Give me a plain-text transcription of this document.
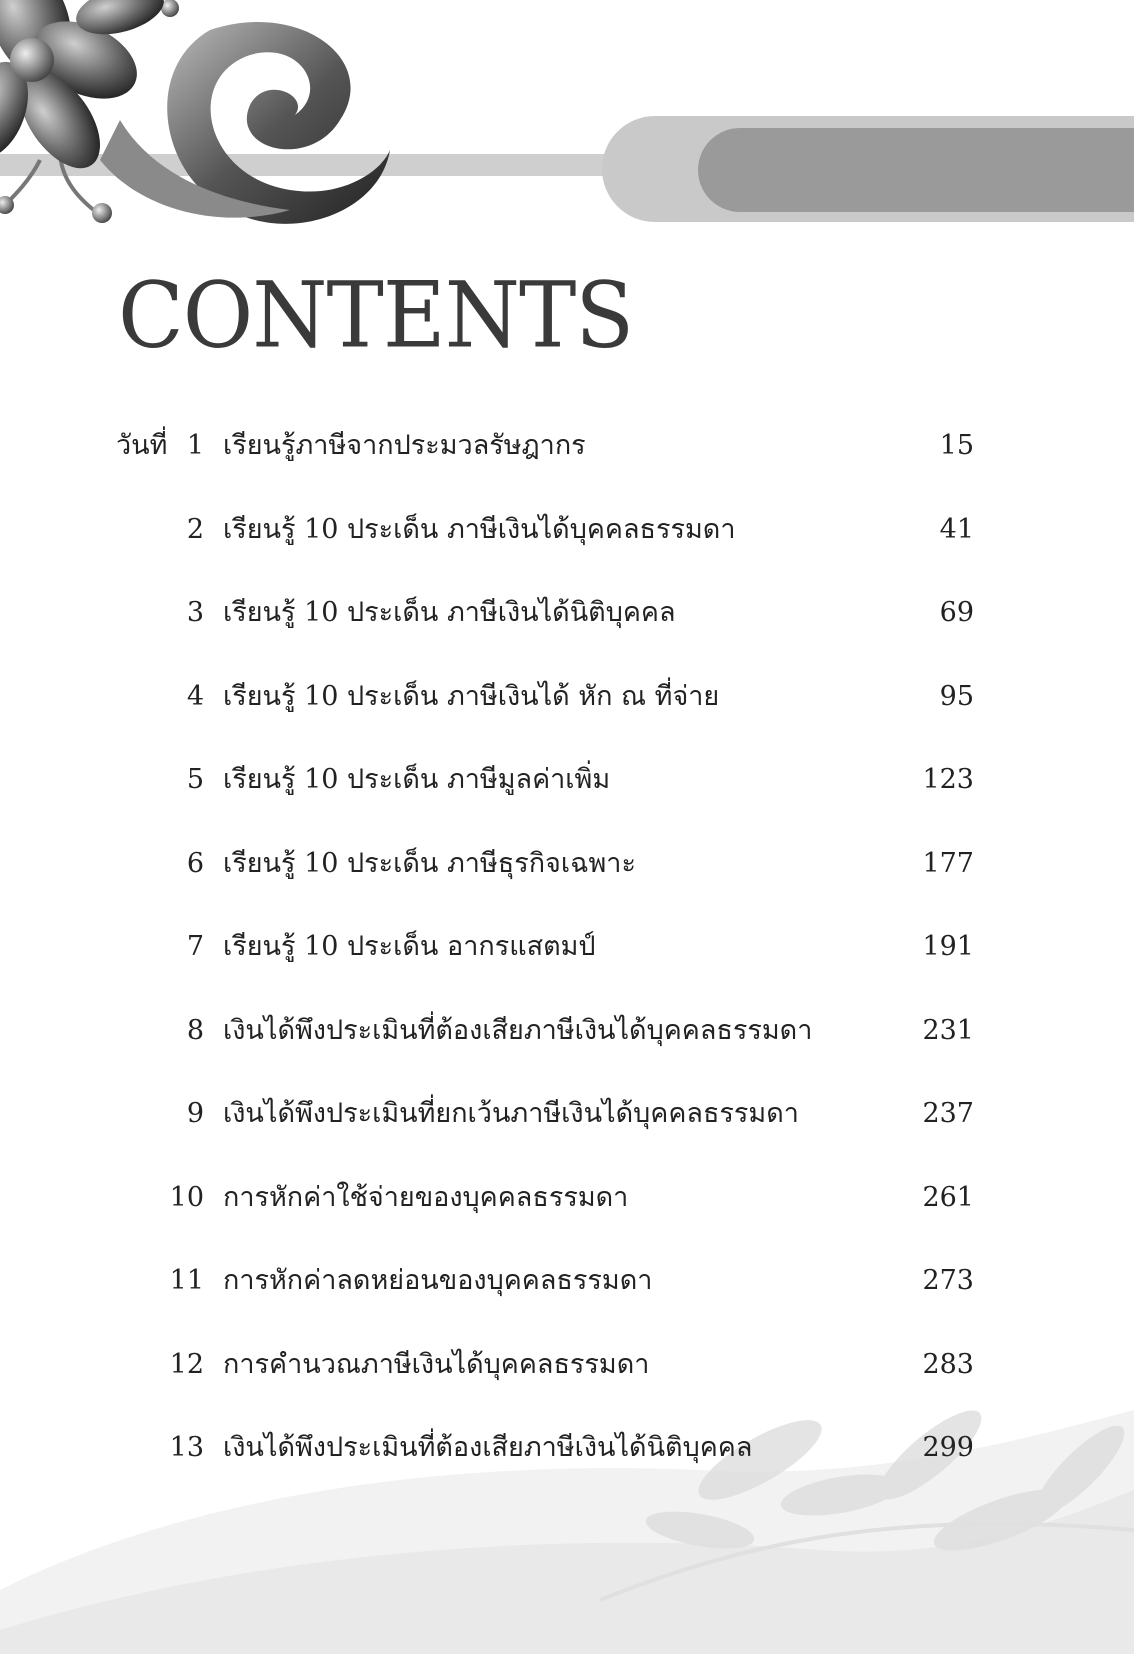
CONTENTS
วันที่ 1 เรียนรู้ภาษีจากประมวลรัษฎากร	15
2 เรียนรู้ 10 ประเด็น ภาษีเงินได้บุคคลธรรมดา	41
3 เรียนรู้ 10 ประเด็น ภาษีเงินได้นิติบุคคล	69
4 เรียนรู้ 10 ประเด็น ภาษีเงินได้ หัก ณ ที่จ่าย	95
5 เรียนรู้ 10 ประเด็น ภาษีมูลค่าเพิ่ม	123
6 เรียนรู้ 10 ประเด็น ภาษีธุรกิจเฉพาะ	177
7 เรียนรู้ 10 ประเด็น อากรแสตมป์	191
8 เงินได้พึงประเมินที่ต้องเสียภาษีเงินได้บุคคลธรรมดา	231
9 เงินได้พึงประเมินที่ยกเว้นภาษีเงินได้บุคคลธรรมดา	237
10 การหักค่าใช้จ่ายของบุคคลธรรมดา	261
11 การหักค่าลดหย่อนของบุคคลธรรมดา	273
12 การคำนวณภาษีเงินได้บุคคลธรรมดา	283
13 เงินได้พึงประเมินที่ต้องเสียภาษีเงินได้นิติบุคคล	299
